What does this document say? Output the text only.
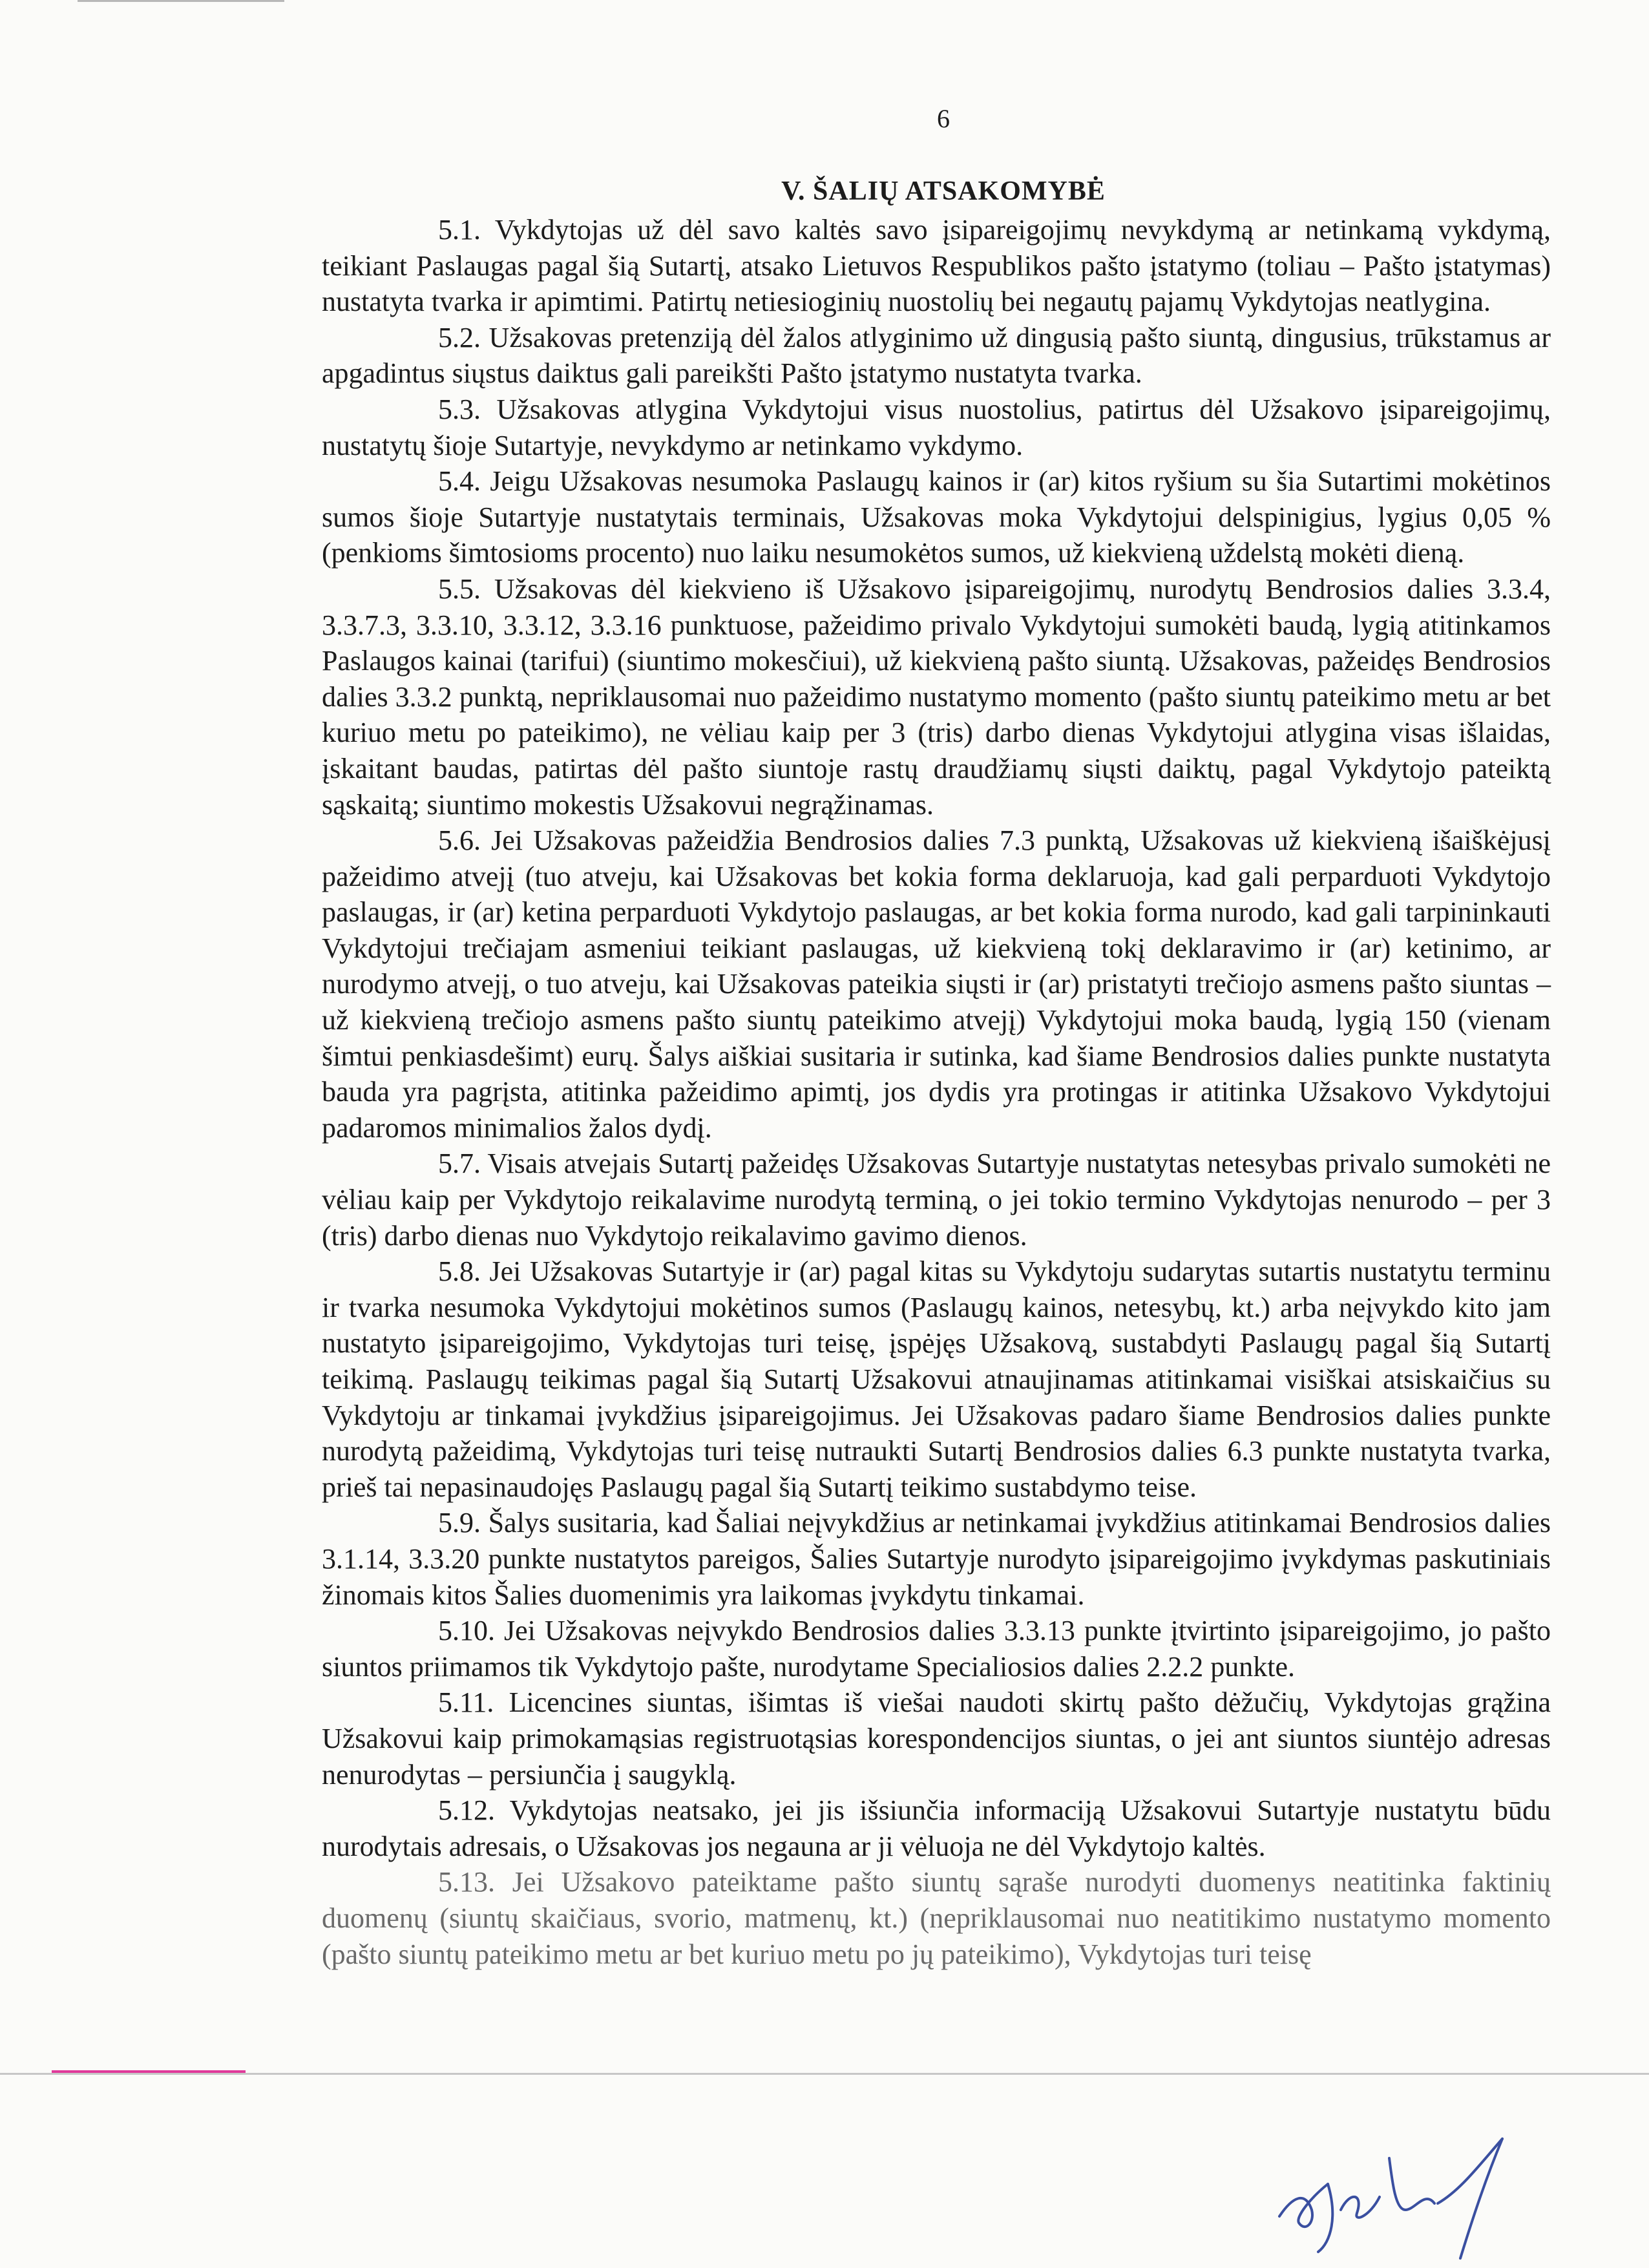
6
V. ŠALIŲ ATSAKOMYBĖ

5.1. Vykdytojas už dėl savo kaltės savo įsipareigojimų nevykdymą ar netinkamą vykdymą, teikiant Paslaugas pagal šią Sutartį, atsako Lietuvos Respublikos pašto įstatymo (toliau – Pašto įstatymas) nustatyta tvarka ir apimtimi. Patirtų netiesioginių nuostolių bei negautų pajamų Vykdytojas neatlygina.

5.2. Užsakovas pretenziją dėl žalos atlyginimo už dingusią pašto siuntą, dingusius, trūkstamus ar apgadintus siųstus daiktus gali pareikšti Pašto įstatymo nustatyta tvarka.

5.3. Užsakovas atlygina Vykdytojui visus nuostolius, patirtus dėl Užsakovo įsipareigojimų, nustatytų šioje Sutartyje, nevykdymo ar netinkamo vykdymo.

5.4. Jeigu Užsakovas nesumoka Paslaugų kainos ir (ar) kitos ryšium su šia Sutartimi mokėtinos sumos šioje Sutartyje nustatytais terminais, Užsakovas moka Vykdytojui delspinigius, lygius 0,05 % (penkioms šimtosioms procento) nuo laiku nesumokėtos sumos, už kiekvieną uždelstą mokėti dieną.

5.5. Užsakovas dėl kiekvieno iš Užsakovo įsipareigojimų, nurodytų Bendrosios dalies 3.3.4, 3.3.7.3, 3.3.10, 3.3.12, 3.3.16 punktuose, pažeidimo privalo Vykdytojui sumokėti baudą, lygią atitinkamos Paslaugos kainai (tarifui) (siuntimo mokesčiui), už kiekvieną pašto siuntą. Užsakovas, pažeidęs Bendrosios dalies 3.3.2 punktą, nepriklausomai nuo pažeidimo nustatymo momento (pašto siuntų pateikimo metu ar bet kuriuo metu po pateikimo), ne vėliau kaip per 3 (tris) darbo dienas Vykdytojui atlygina visas išlaidas, įskaitant baudas, patirtas dėl pašto siuntoje rastų draudžiamų siųsti daiktų, pagal Vykdytojo pateiktą sąskaitą; siuntimo mokestis Užsakovui negrąžinamas.

5.6. Jei Užsakovas pažeidžia Bendrosios dalies 7.3 punktą, Užsakovas už kiekvieną išaiškėjusį pažeidimo atvejį (tuo atveju, kai Užsakovas bet kokia forma deklaruoja, kad gali perparduoti Vykdytojo paslaugas, ir (ar) ketina perparduoti Vykdytojo paslaugas, ar bet kokia forma nurodo, kad gali tarpininkauti Vykdytojui trečiajam asmeniui teikiant paslaugas, už kiekvieną tokį deklaravimo ir (ar) ketinimo, ar nurodymo atvejį, o tuo atveju, kai Užsakovas pateikia siųsti ir (ar) pristatyti trečiojo asmens pašto siuntas – už kiekvieną trečiojo asmens pašto siuntų pateikimo atvejį) Vykdytojui moka baudą, lygią 150 (vienam šimtui penkiasdešimt) eurų. Šalys aiškiai susitaria ir sutinka, kad šiame Bendrosios dalies punkte nustatyta bauda yra pagrįsta, atitinka pažeidimo apimtį, jos dydis yra protingas ir atitinka Užsakovo Vykdytojui padaromos minimalios žalos dydį.

5.7. Visais atvejais Sutartį pažeidęs Užsakovas Sutartyje nustatytas netesybas privalo sumokėti ne vėliau kaip per Vykdytojo reikalavime nurodytą terminą, o jei tokio termino Vykdytojas nenurodo – per 3 (tris) darbo dienas nuo Vykdytojo reikalavimo gavimo dienos.

5.8. Jei Užsakovas Sutartyje ir (ar) pagal kitas su Vykdytoju sudarytas sutartis nustatytu terminu ir tvarka nesumoka Vykdytojui mokėtinos sumos (Paslaugų kainos, netesybų, kt.) arba neįvykdo kito jam nustatyto įsipareigojimo, Vykdytojas turi teisę, įspėjęs Užsakovą, sustabdyti Paslaugų pagal šią Sutartį teikimą. Paslaugų teikimas pagal šią Sutartį Užsakovui atnaujinamas atitinkamai visiškai atsiskaičius su Vykdytoju ar tinkamai įvykdžius įsipareigojimus. Jei Užsakovas padaro šiame Bendrosios dalies punkte nurodytą pažeidimą, Vykdytojas turi teisę nutraukti Sutartį Bendrosios dalies 6.3 punkte nustatyta tvarka, prieš tai nepasinaudojęs Paslaugų pagal šią Sutartį teikimo sustabdymo teise.

5.9. Šalys susitaria, kad Šaliai neįvykdžius ar netinkamai įvykdžius atitinkamai Bendrosios dalies 3.1.14, 3.3.20 punkte nustatytos pareigos, Šalies Sutartyje nurodyto įsipareigojimo įvykdymas paskutiniais žinomais kitos Šalies duomenimis yra laikomas įvykdytu tinkamai.

5.10. Jei Užsakovas neįvykdo Bendrosios dalies 3.3.13 punkte įtvirtinto įsipareigojimo, jo pašto siuntos priimamos tik Vykdytojo pašte, nurodytame Specialiosios dalies 2.2.2 punkte.

5.11. Licencines siuntas, išimtas iš viešai naudoti skirtų pašto dėžučių, Vykdytojas grąžina Užsakovui kaip primokamąsias registruotąsias korespondencijos siuntas, o jei ant siuntos siuntėjo adresas nenurodytas – persiunčia į saugyklą.

5.12. Vykdytojas neatsako, jei jis išsiunčia informaciją Užsakovui Sutartyje nustatytu būdu nurodytais adresais, o Užsakovas jos negauna ar ji vėluoja ne dėl Vykdytojo kaltės.

5.13. Jei Užsakovo pateiktame pašto siuntų sąraše nurodyti duomenys neatitinka faktinių duomenų (siuntų skaičiaus, svorio, matmenų, kt.) (nepriklausomai nuo neatitikimo nustatymo momento (pašto siuntų pateikimo metu ar bet kuriuo metu po jų pateikimo), Vykdytojas turi teisę
